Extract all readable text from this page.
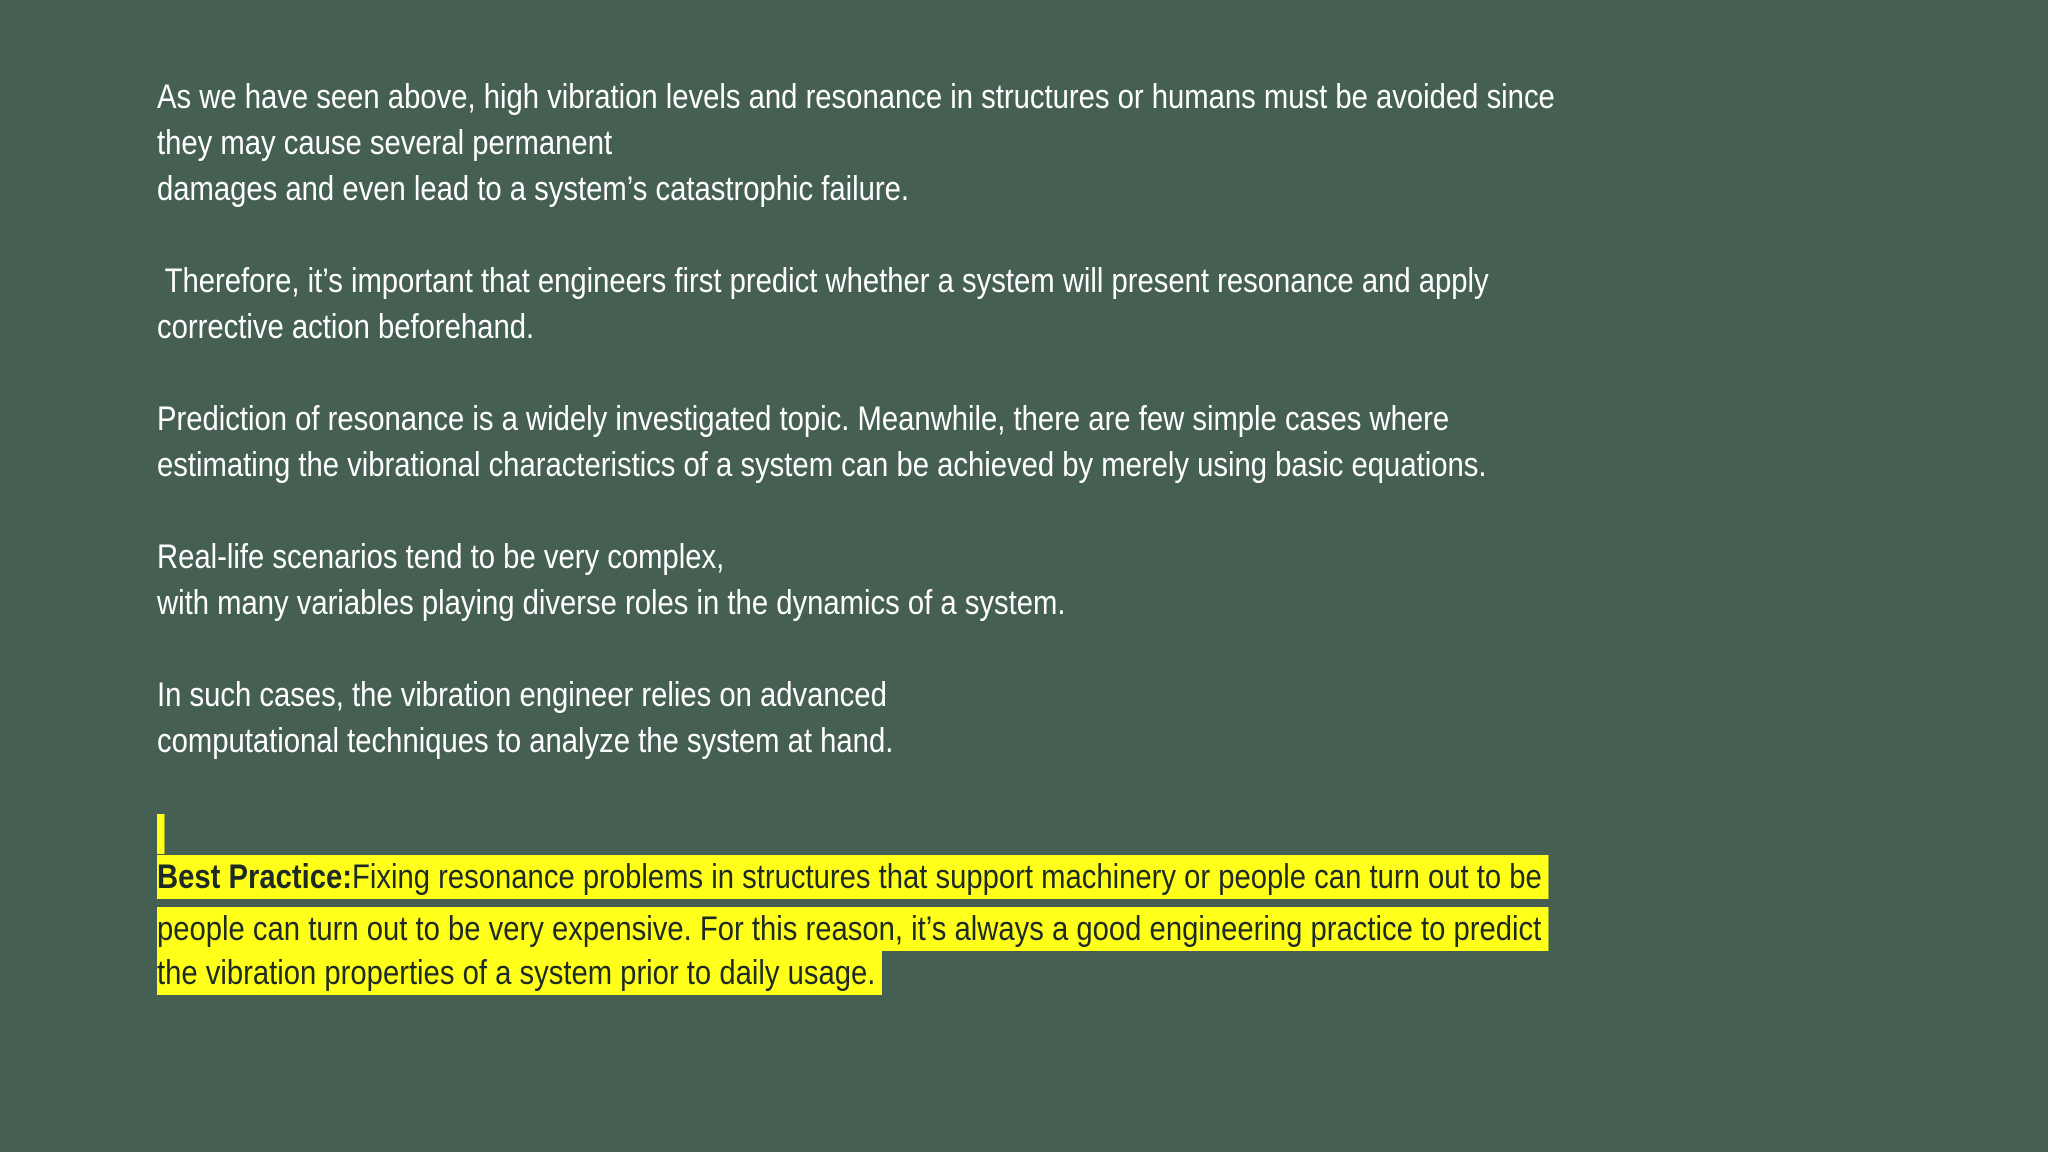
As we have seen above, high vibration levels and resonance in structures or humans must be avoided since
they may cause several permanent
damages and even lead to a system’s catastrophic failure.
Therefore, it’s important that engineers first predict whether a system will present resonance and apply
corrective action beforehand.
Prediction of resonance is a widely investigated topic. Meanwhile, there are few simple cases where
estimating the vibrational characteristics of a system can be achieved by merely using basic equations.
Real-life scenarios tend to be very complex,
with many variables playing diverse roles in the dynamics of a system.
In such cases, the vibration engineer relies on advanced
computational techniques to analyze the system at hand.
Best Practice:Fixing resonance problems in structures that support machinery or people can turn out to be
people can turn out to be very expensive. For this reason, it’s always a good engineering practice to predict
the vibration properties of a system prior to daily usage.
